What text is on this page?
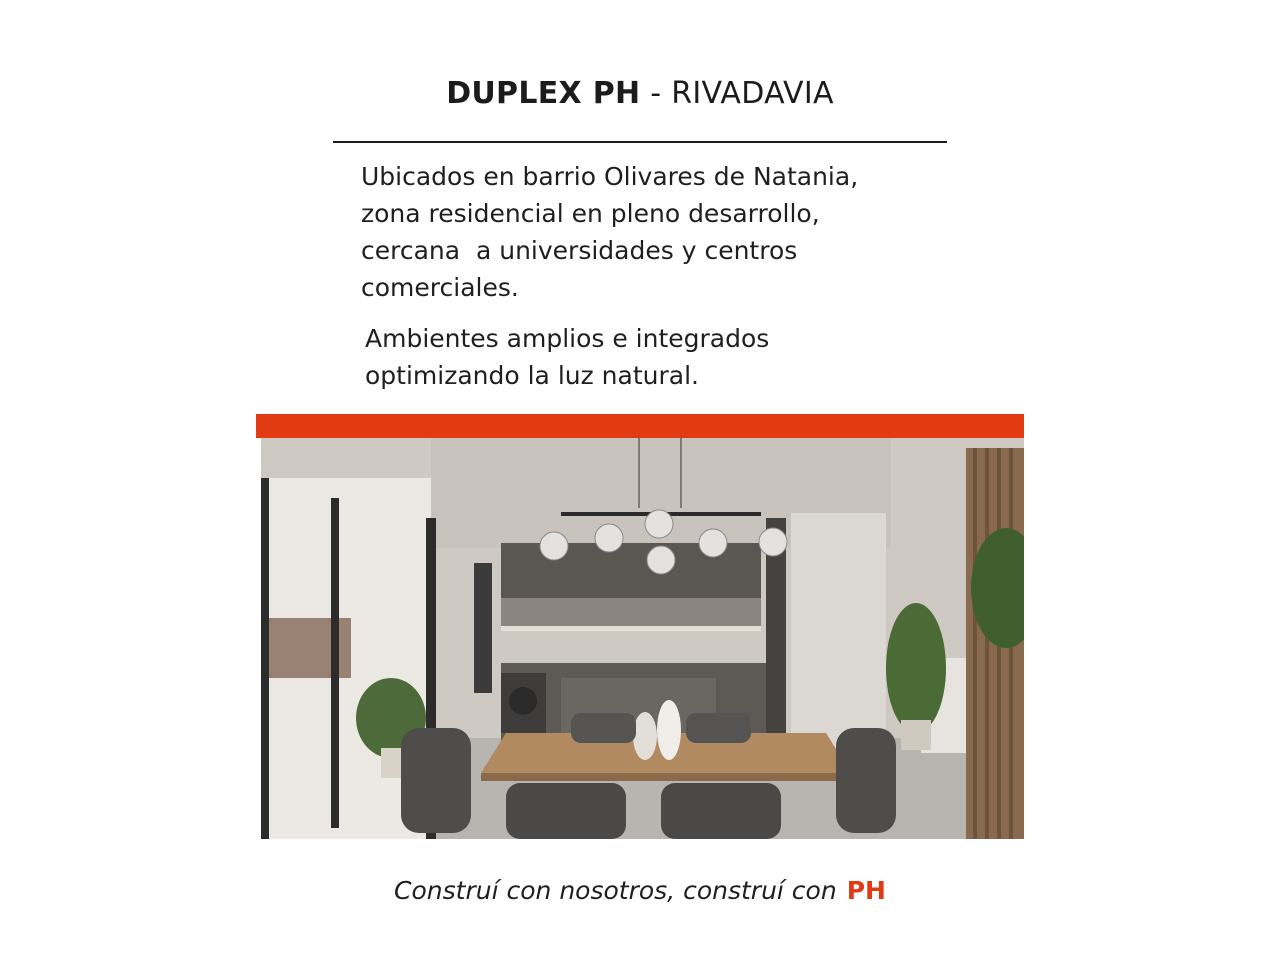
DUPLEX PH - RIVADAVIA

Ubicados en barrio Olivares de Natania,
zona residencial en pleno desarrollo,
cercana  a universidades y centros
comerciales.

Ambientes amplios e integrados
optimizando la luz natural.

Construí con nosotros, construí con PH
